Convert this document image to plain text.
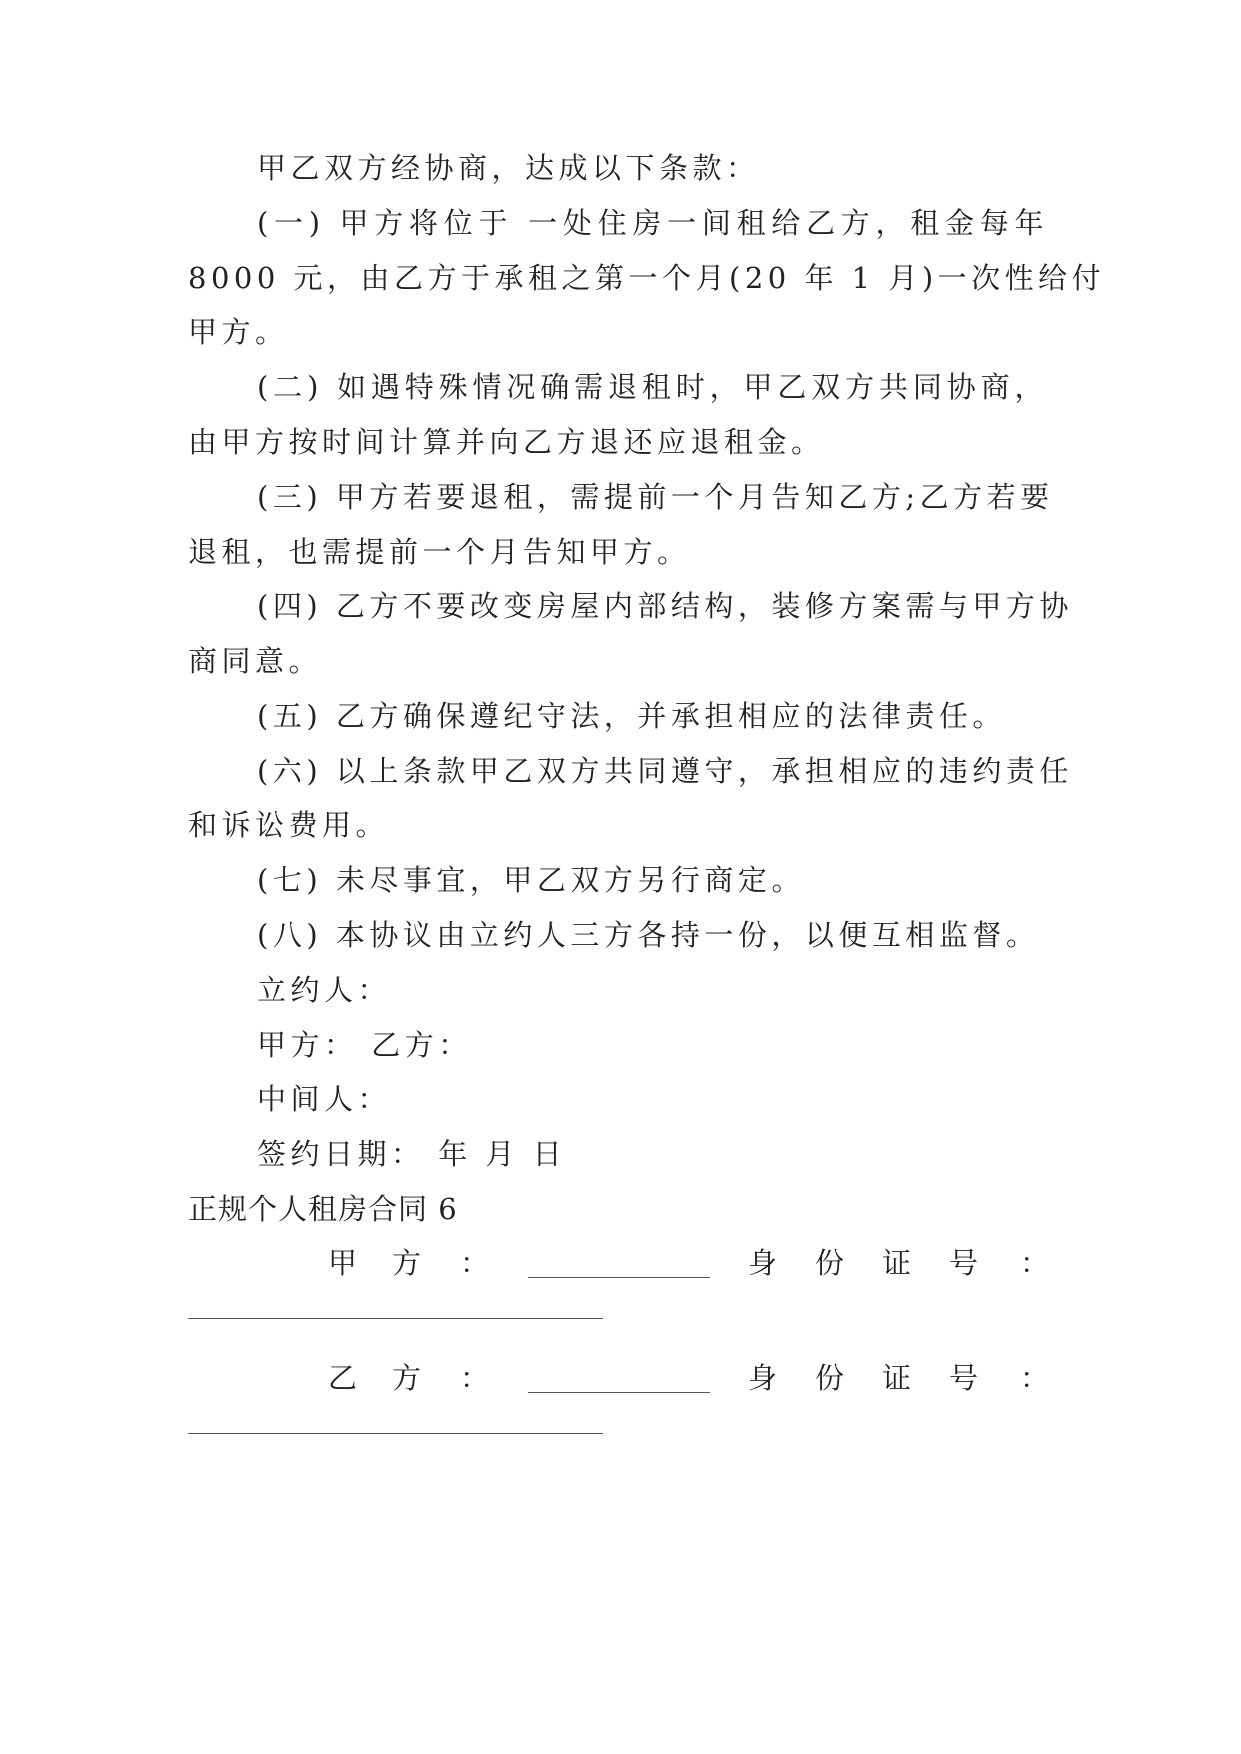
甲乙双方经协商，达成以下条款：
(一) 甲方将位于 一处住房一间租给乙方，租金每年
8000 元，由乙方于承租之第一个月(20 年 1 月)一次性给付
甲方。
(二) 如遇特殊情况确需退租时，甲乙双方共同协商，
由甲方按时间计算并向乙方退还应退租金。
(三) 甲方若要退租，需提前一个月告知乙方;乙方若要
退租，也需提前一个月告知甲方。
(四) 乙方不要改变房屋内部结构，装修方案需与甲方协
商同意。
(五) 乙方确保遵纪守法，并承担相应的法律责任。
(六) 以上条款甲乙双方共同遵守，承担相应的违约责任
和诉讼费用。
(七) 未尽事宜，甲乙双方另行商定。
(八) 本协议由立约人三方各持一份，以便互相监督。
立约人：
甲方： 乙方：
中间人：
签约日期： 年 月 日
正规个人租房合同 6
甲 方 ：	身 份 证 号 ：
乙 方 ：	身 份 证 号 ：
